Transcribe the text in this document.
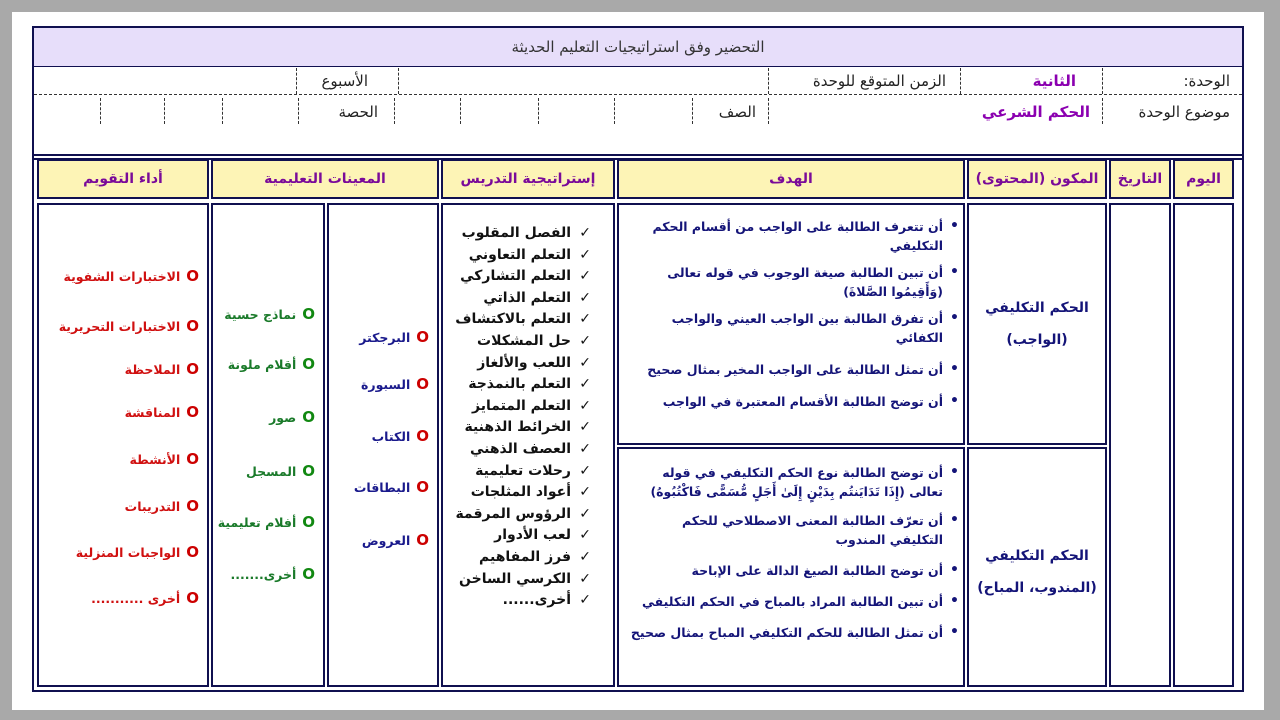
التحضير وفق استراتيجيات التعليم الحديثة
الوحدة:
الثانية
الزمن المتوقع للوحدة
الأسبوع
موضوع الوحدة
الحكم الشرعي
الصف
الحصة
اليوم
التاريخ
المكون (المحتوى)
الهدف
إستراتيجية التدريس
المعينات التعليمية
أداء التقويم
الحكم التكليفي
(الواجب)
الحكم التكليفي
(المندوب، المباح)
• أن تتعرف الطالبة على الواجب من أقسام الحكم التكليفي
• أن تبين الطالبة صيغة الوجوب في قوله تعالى (وَأَقِيمُوا الصَّلاةَ)
• أن تفرق الطالبة بين الواجب العيني والواجب الكفائي
• أن تمثل الطالبة على الواجب المخير بمثال صحيح
• أن توضح الطالبة الأقسام المعتبرة في الواجب
• أن توضح الطالبة نوع الحكم التكليفي في قوله تعالى (إِذَا تَدَايَنتُم بِدَيْنٍ إِلَىٰ أَجَلٍ مُّسَمًّى فَاكْتُبُوهُ)
• أن تعرّف الطالبة المعنى الاصطلاحي للحكم التكليفي المندوب
• أن توضح الطالبة الصيغ الدالة على الإباحة
• أن تبين الطالبة المراد بالمباح في الحكم التكليفي
• أن تمثل الطالبة للحكم التكليفي المباح بمثال صحيح
✓الفصل المقلوب
✓التعلم التعاوني
✓التعلم التشاركي
✓التعلم الذاتي
✓التعلم بالاكتشاف
✓حل المشكلات
✓اللعب والألغاز
✓التعلم بالنمذجة
✓التعلم المتمايز
✓الخرائط الذهنية
✓العصف الذهني
✓رحلات تعليمية
✓أعواد المثلجات
✓الرؤوس المرقمة
✓لعب الأدوار
✓فرز المفاهيم
✓الكرسي الساخن
✓أخرى......
Oالبرجكتر
Oالسبورة
Oالكتاب
Oالبطاقات
Oالعروض
Oنماذج حسية
Oأقلام ملونة
Oصور
Oالمسجل
Oأفلام تعليمية
Oأخرى.......
Oالاختبارات الشفوية
Oالاختبارات التحريرية
Oالملاحظة
Oالمناقشة
Oالأنشطة
Oالتدريبات
Oالواجبات المنزلية
Oأخرى ...........
